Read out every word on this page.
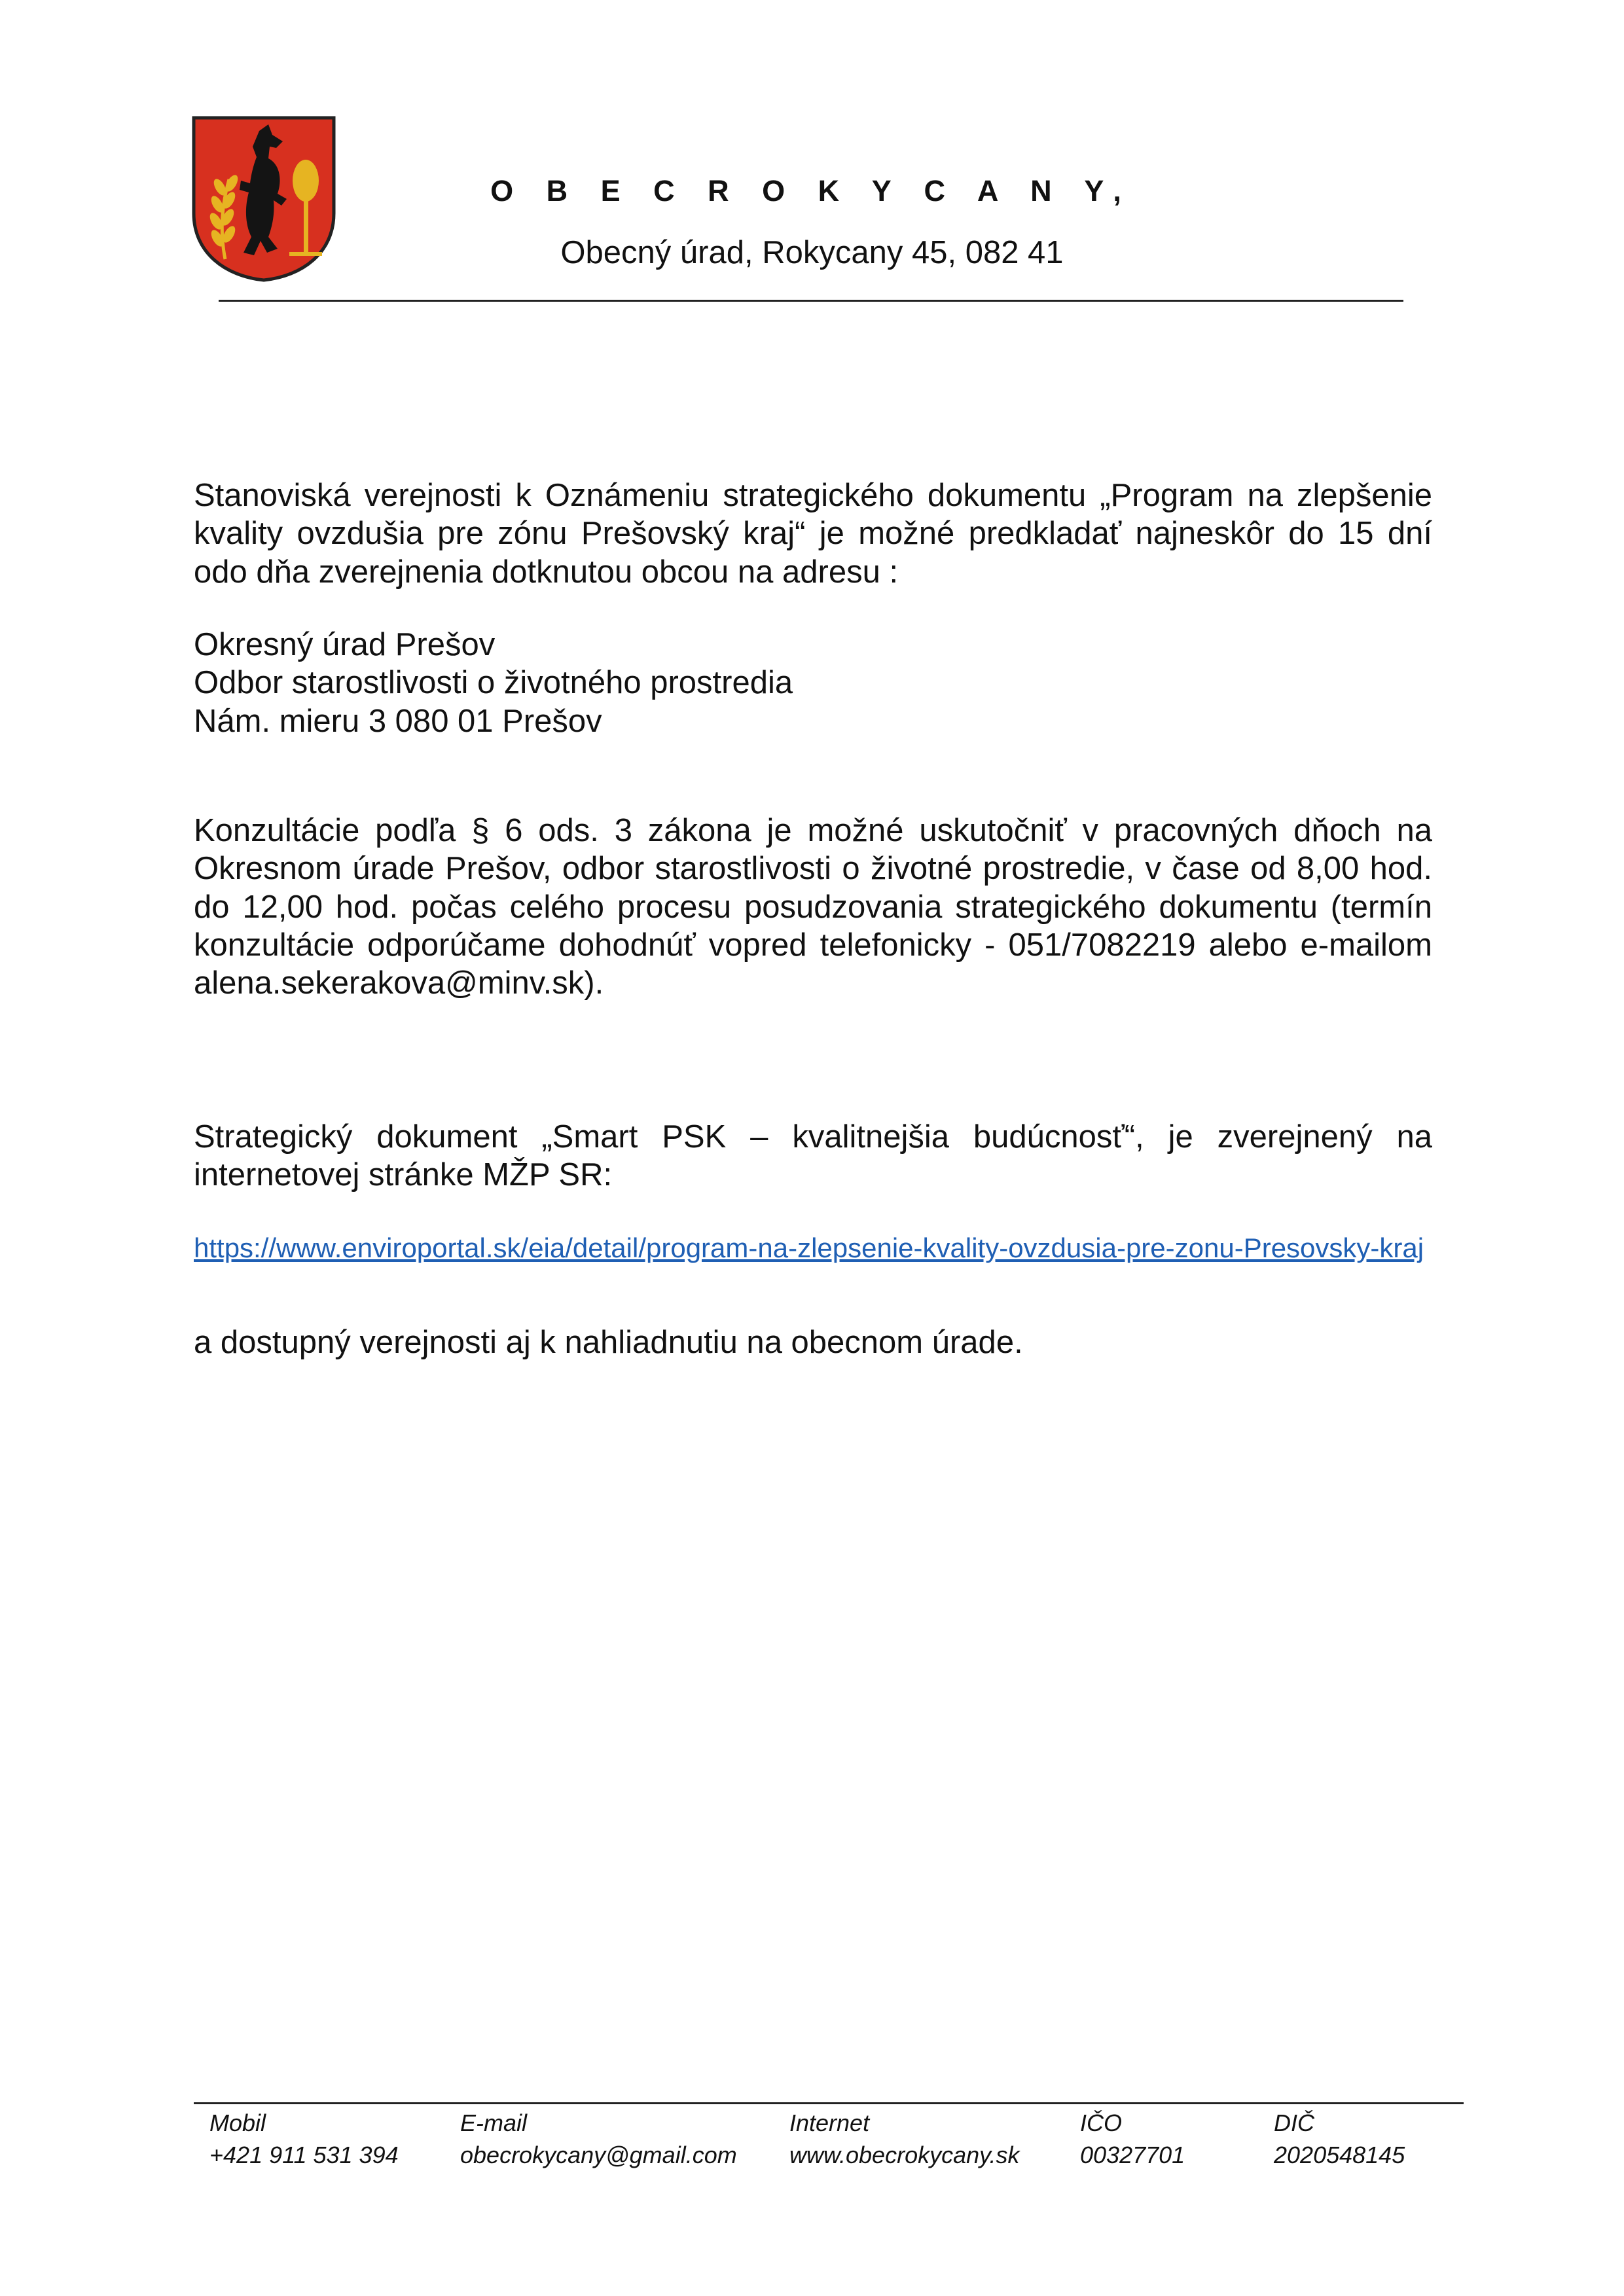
O B E C R O K Y C A N Y,
Obecný úrad, Rokycany 45, 082 41

Stanoviská verejnosti k Oznámeniu strategického dokumentu „Program na zlepšenie kvality ovzdušia pre zónu Prešovský kraj“ je možné predkladať najneskôr do 15 dní odo dňa zverejnenia dotknutou obcou na adresu :

Okresný úrad Prešov
Odbor starostlivosti o životného prostredia
Nám. mieru 3 080 01 Prešov

Konzultácie podľa § 6 ods. 3 zákona je možné uskutočniť v pracovných dňoch na Okresnom úrade Prešov, odbor starostlivosti o životné prostredie, v čase od 8,00 hod. do 12,00 hod. počas celého procesu posudzovania strategického dokumentu (termín konzultácie odporúčame dohodnúť vopred telefonicky - 051/7082219 alebo e-mailom alena.sekerakova@minv.sk).

Strategický dokument „Smart PSK – kvalitnejšia budúcnosť“, je zverejnený na internetovej stránke MŽP SR:

https://www.enviroportal.sk/eia/detail/program-na-zlepsenie-kvality-ovzdusia-pre-zonu-Presovsky-kraj

a dostupný verejnosti aj k nahliadnutiu na obecnom úrade.

Mobil
+421 911 531 394
E-mail
obecrokycany@gmail.com
Internet
www.obecrokycany.sk
IČO
00327701
DIČ
2020548145
